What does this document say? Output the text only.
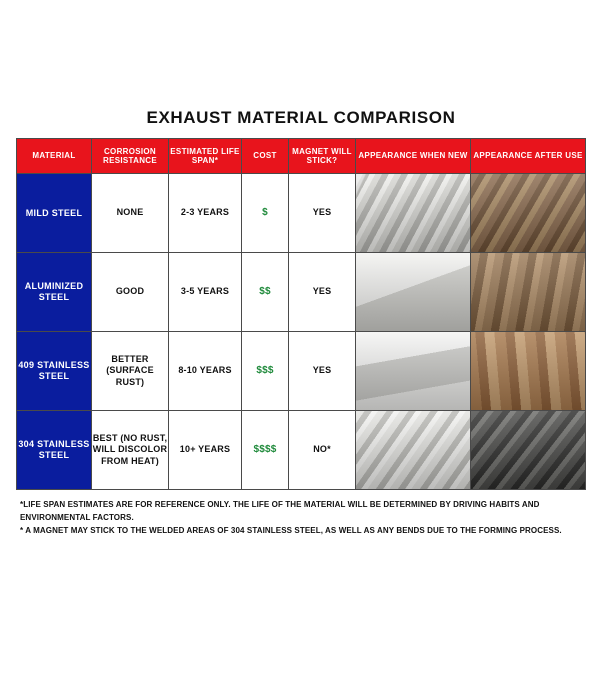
EXHAUST MATERIAL COMPARISON
MATERIAL	CORROSION RESISTANCE	ESTIMATED LIFE SPAN*	COST	MAGNET WILL STICK?	APPEARANCE WHEN NEW	APPEARANCE AFTER USE
MILD STEEL	NONE	2-3 YEARS	$	YES	

ALUMINIZED STEEL	GOOD	3-5 YEARS	$$	YES	

409 STAINLESS STEEL	BETTER (SURFACE RUST)	8-10 YEARS	$$$	YES	

304 STAINLESS STEEL	BEST (NO RUST, WILL DISCOLOR FROM HEAT)	10+ YEARS	$$$$	NO*	

*LIFE SPAN ESTIMATES ARE FOR REFERENCE ONLY. THE LIFE OF THE MATERIAL WILL BE DETERMINED BY DRIVING HABITS AND ENVIRONMENTAL FACTORS.
* A MAGNET MAY STICK TO THE WELDED AREAS OF 304 STAINLESS STEEL, AS WELL AS ANY BENDS DUE TO THE FORMING PROCESS.
